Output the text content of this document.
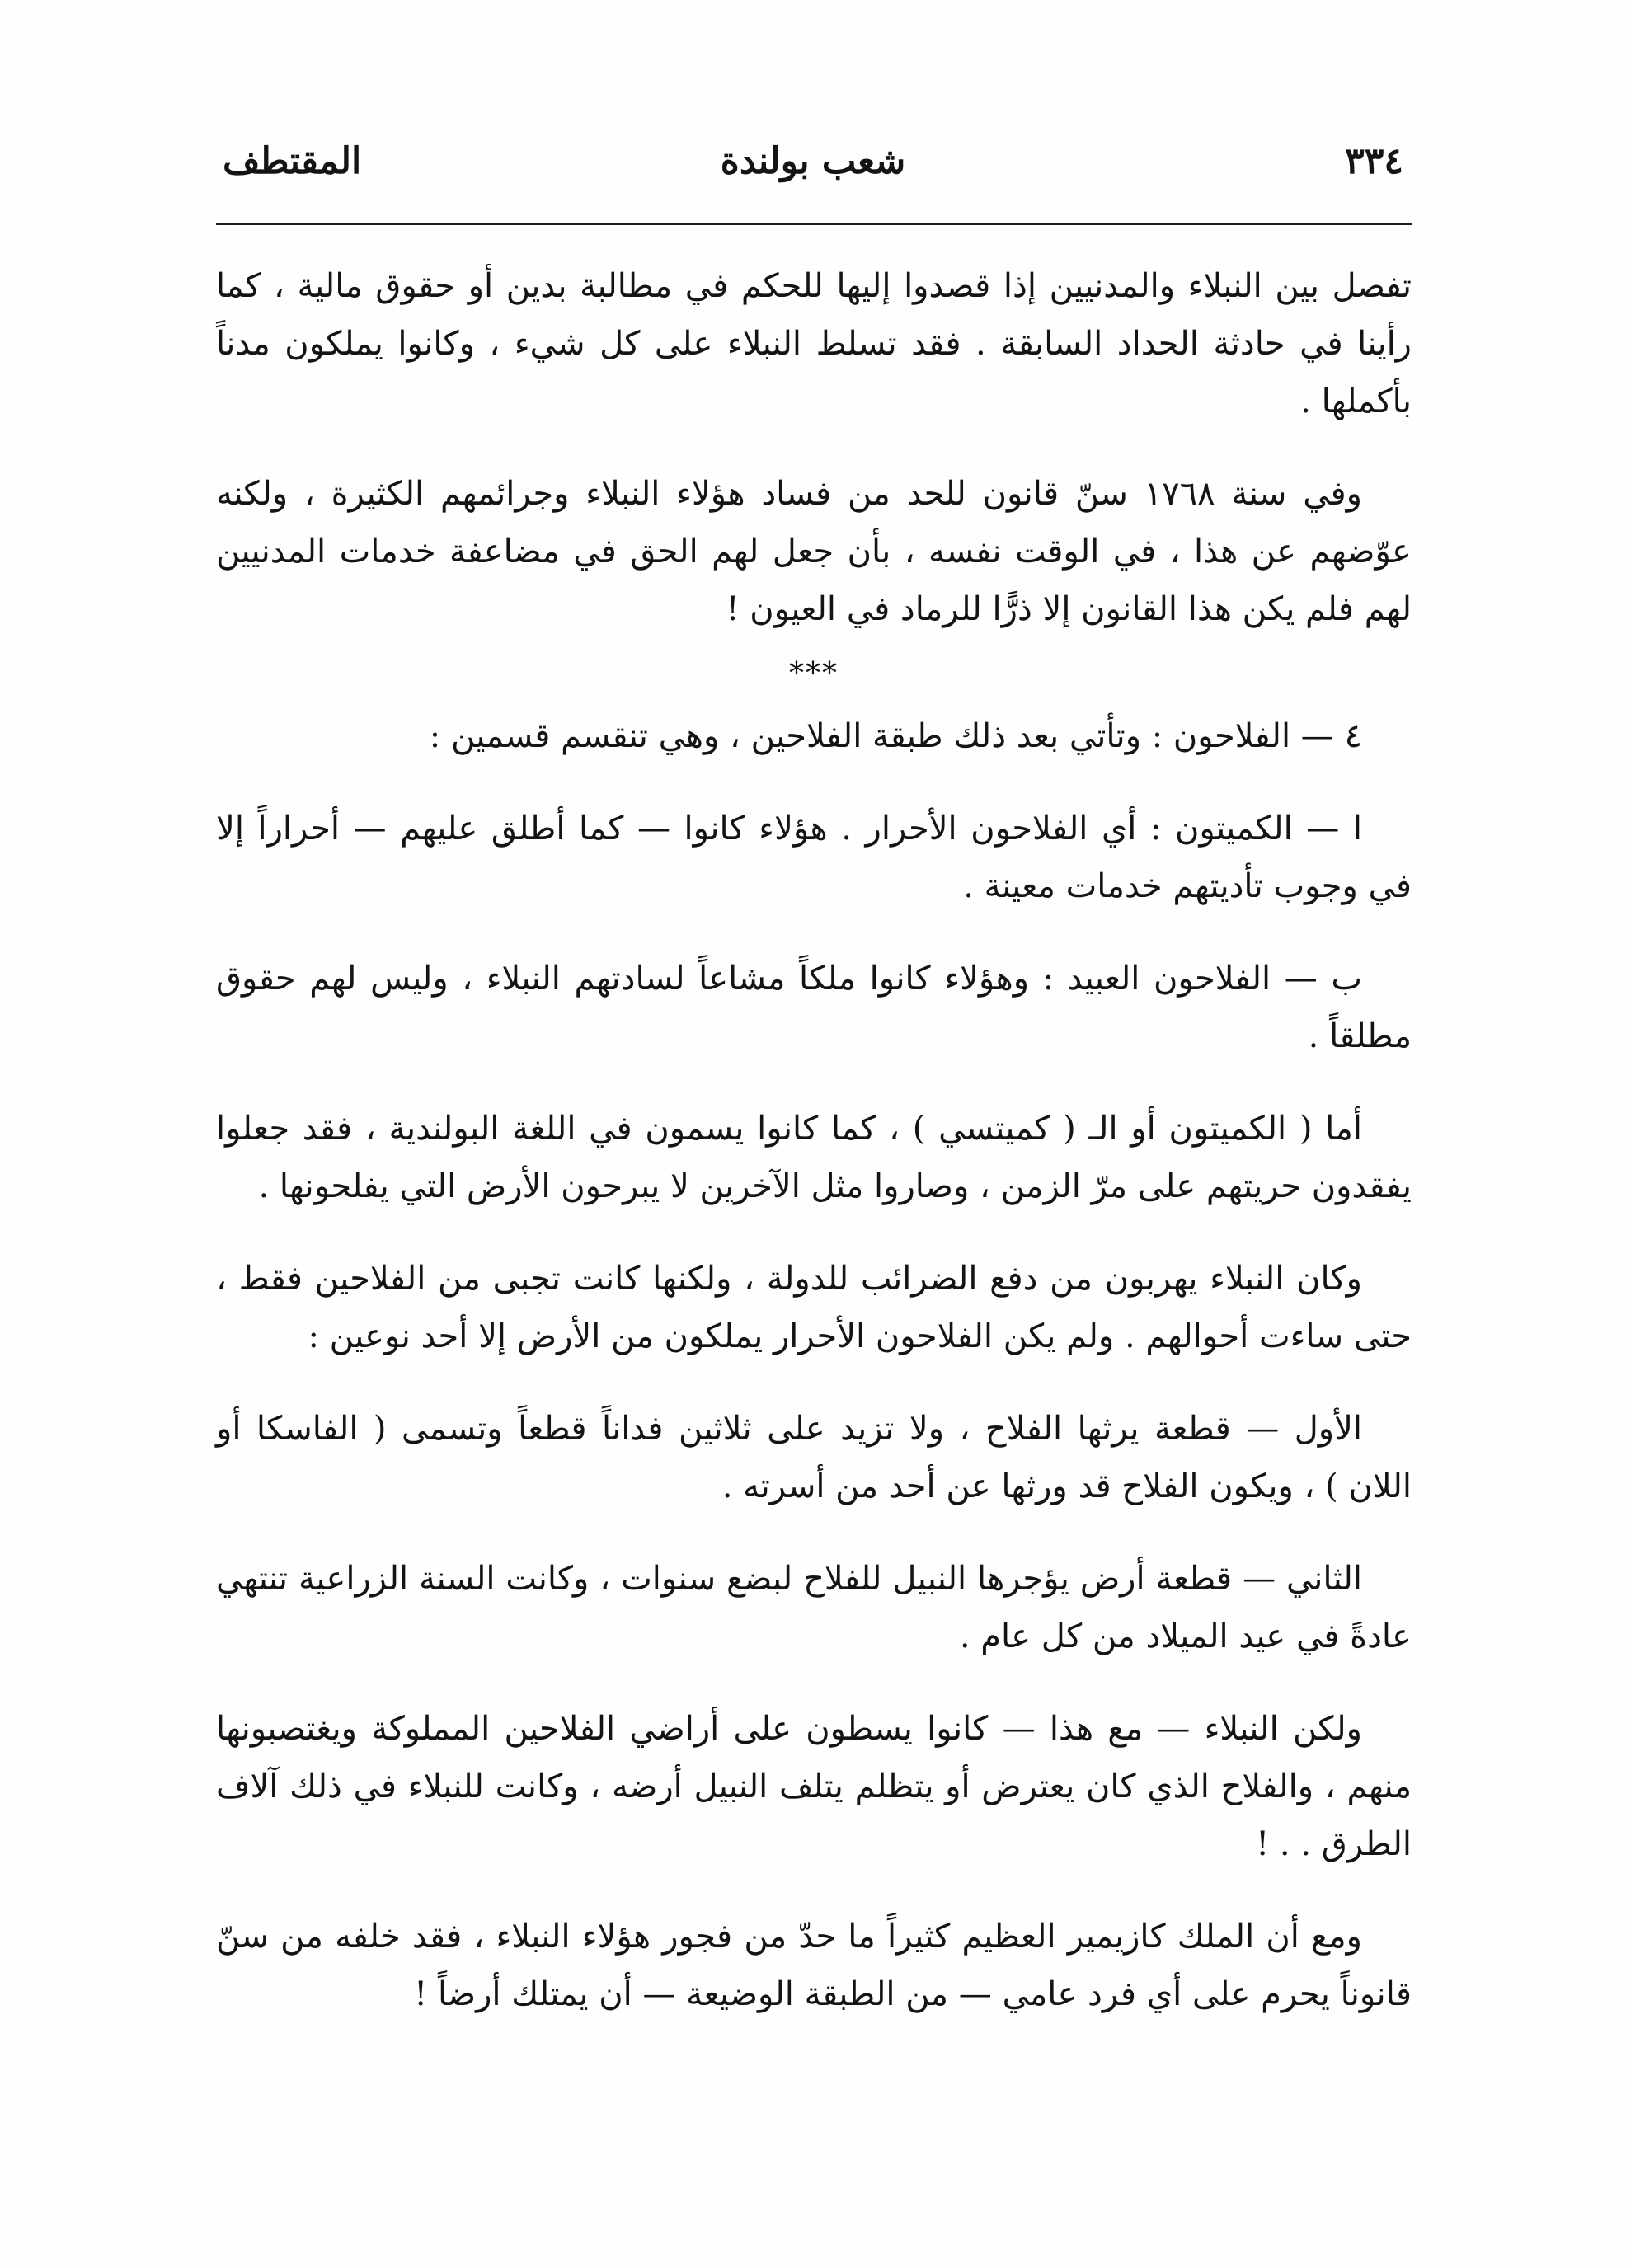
٣٣٤
شعب بولندة
المقتطف

تفصل بين النبلاء والمدنيين إذا قصدوا إليها للحكم في مطالبة بدين أو حقوق مالية ، كما رأينا في حادثة الحداد السابقة . فقد تسلط النبلاء على كل شيء ، وكانوا يملكون مدناً بأكملها .

وفي سنة ١٧٦٨ سنّ قانون للحد من فساد هؤلاء النبلاء وجرائمهم الكثيرة ، ولكنه عوّضهم عن هذا ، في الوقت نفسه ، بأن جعل لهم الحق في مضاعفة خدمات المدنيين لهم فلم يكن هذا القانون إلا ذرًّا للرماد في العيون !

***

٤ — الفلاحون : وتأتي بعد ذلك طبقة الفلاحين ، وهي تنقسم قسمين :

ا — الكميتون : أي الفلاحون الأحرار . هؤلاء كانوا — كما أطلق عليهم — أحراراً إلا في وجوب تأديتهم خدمات معينة .

ب — الفلاحون العبيد : وهؤلاء كانوا ملكاً مشاعاً لسادتهم النبلاء ، وليس لهم حقوق مطلقاً .

أما ( الكميتون أو الـ ( كميتسي ) ، كما كانوا يسمون في اللغة البولندية ، فقد جعلوا يفقدون حريتهم على مرّ الزمن ، وصاروا مثل الآخرين لا يبرحون الأرض التي يفلحونها .

وكان النبلاء يهربون من دفع الضرائب للدولة ، ولكنها كانت تجبى من الفلاحين فقط ، حتى ساءت أحوالهم . ولم يكن الفلاحون الأحرار يملكون من الأرض إلا أحد نوعين :

الأول — قطعة يرثها الفلاح ، ولا تزيد على ثلاثين فداناً قطعاً وتسمى ( الفاسكا أو اللان ) ، ويكون الفلاح قد ورثها عن أحد من أسرته .

الثاني — قطعة أرض يؤجرها النبيل للفلاح لبضع سنوات ، وكانت السنة الزراعية تنتهي عادةً في عيد الميلاد من كل عام .

ولكن النبلاء — مع هذا — كانوا يسطون على أراضي الفلاحين المملوكة ويغتصبونها منهم ، والفلاح الذي كان يعترض أو يتظلم يتلف النبيل أرضه ، وكانت للنبلاء في ذلك آلاف الطرق . . !

ومع أن الملك كازيمير العظيم كثيراً ما حدّ من فجور هؤلاء النبلاء ، فقد خلفه من سنّ قانوناً يحرم على أي فرد عامي — من الطبقة الوضيعة — أن يمتلك أرضاً !
